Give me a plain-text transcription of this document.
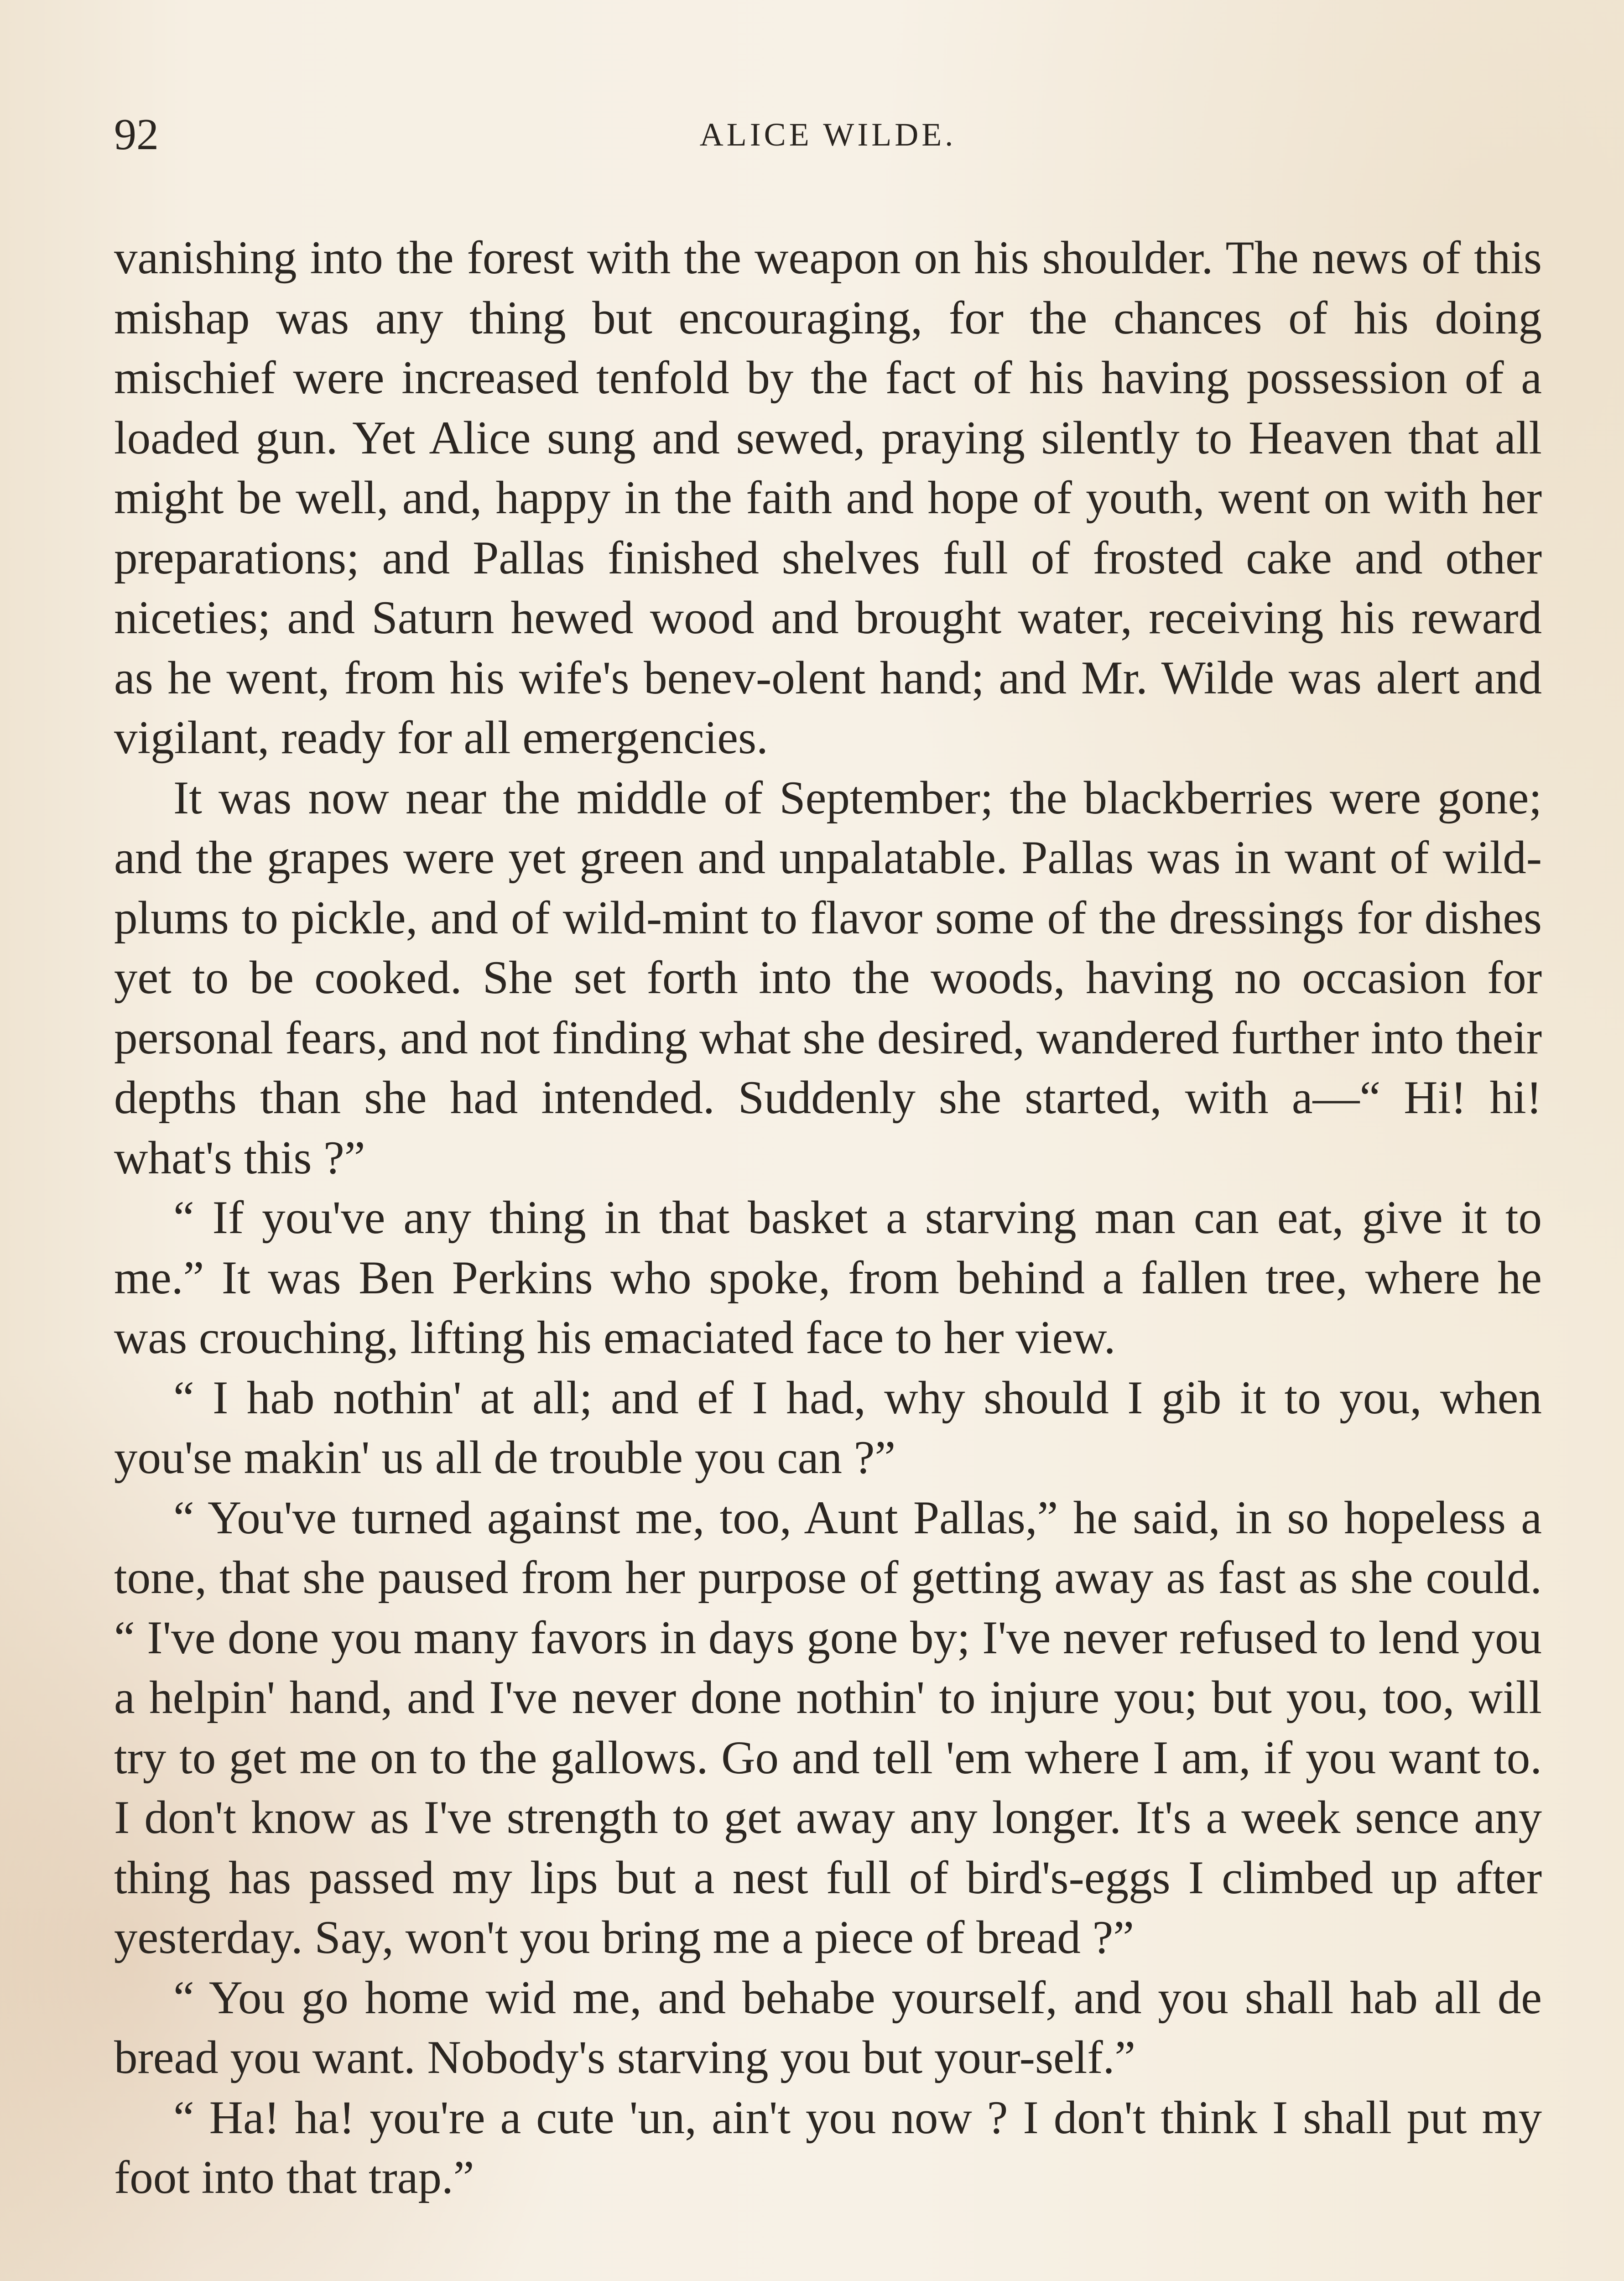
92	ALICE WILDE.

vanishing into the forest with the weapon on his shoulder. The news of this mishap was any thing but encouraging, for the chances of his doing mischief were increased tenfold by the fact of his having possession of a loaded gun. Yet Alice sung and sewed, praying silently to Heaven that all might be well, and, happy in the faith and hope of youth, went on with her preparations; and Pallas finished shelves full of frosted cake and other niceties; and Saturn hewed wood and brought water, receiving his reward as he went, from his wife's benev-olent hand; and Mr. Wilde was alert and vigilant, ready for all emergencies.

It was now near the middle of September; the blackberries were gone; and the grapes were yet green and unpalatable. Pallas was in want of wild-plums to pickle, and of wild-mint to flavor some of the dressings for dishes yet to be cooked. She set forth into the woods, having no occasion for personal fears, and not finding what she desired, wandered further into their depths than she had intended. Suddenly she started, with a—“ Hi! hi! what's this ?”

“ If you've any thing in that basket a starving man can eat, give it to me.” It was Ben Perkins who spoke, from behind a fallen tree, where he was crouching, lifting his emaciated face to her view.

“ I hab nothin' at all; and ef I had, why should I gib it to you, when you'se makin' us all de trouble you can ?”

“ You've turned against me, too, Aunt Pallas,” he said, in so hopeless a tone, that she paused from her purpose of getting away as fast as she could. “ I've done you many favors in days gone by; I've never refused to lend you a helpin' hand, and I've never done nothin' to injure you; but you, too, will try to get me on to the gallows. Go and tell 'em where I am, if you want to. I don't know as I've strength to get away any longer. It's a week sence any thing has passed my lips but a nest full of bird's-eggs I climbed up after yesterday. Say, won't you bring me a piece of bread ?”

“ You go home wid me, and behabe yourself, and you shall hab all de bread you want. Nobody's starving you but your-self.”

“ Ha! ha! you're a cute 'un, ain't you now ? I don't think I shall put my foot into that trap.”
